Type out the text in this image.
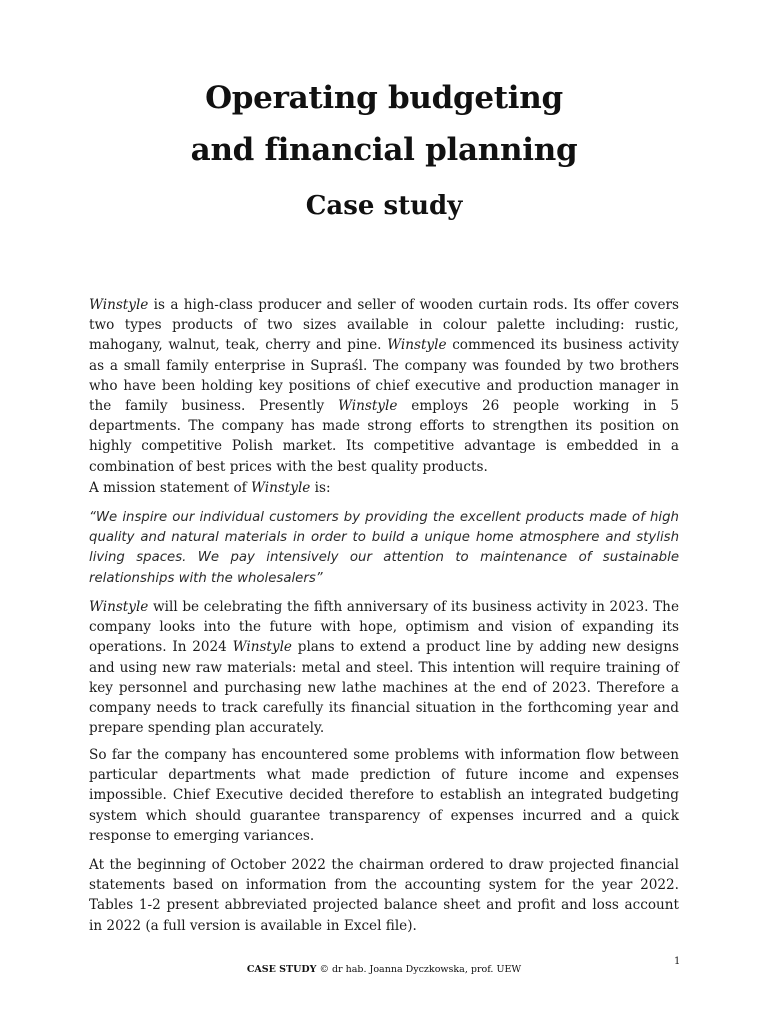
Operating budgeting
and financial planning
Case study

Winstyle is a high-class producer and seller of wooden curtain rods. Its offer covers two types products of two sizes available in colour palette including: rustic, mahogany, walnut, teak, cherry and pine. Winstyle commenced its business activity as a small family enterprise in Supraśl. The company was founded by two brothers who have been holding key positions of chief executive and production manager in the family business. Presently Winstyle employs 26 people working in 5 departments. The company has made strong efforts to strengthen its position on highly competitive Polish market. Its competitive advantage is embedded in a combination of best prices with the best quality products.

A mission statement of Winstyle is:
“We inspire our individual customers by providing the excellent products made of high quality and natural materials in order to build a unique home atmosphere and stylish living spaces. We pay intensively our attention to maintenance of sustainable relationships with the wholesalers”

Winstyle will be celebrating the fifth anniversary of its business activity in 2023. The company looks into the future with hope, optimism and vision of expanding its operations. In 2024 Winstyle plans to extend a product line by adding new designs and using new raw materials: metal and steel. This intention will require training of key personnel and purchasing new lathe machines at the end of 2023. Therefore a company needs to track carefully its financial situation in the forthcoming year and prepare spending plan accurately.

So far the company has encountered some problems with information flow between particular departments what made prediction of future income and expenses impossible. Chief Executive decided therefore to establish an integrated budgeting system which should guarantee transparency of expenses incurred and a quick response to emerging variances.
At the beginning of October 2022 the chairman ordered to draw projected financial statements based on information from the accounting system for the year 2022. Tables 1-2 present abbreviated projected balance sheet and profit and loss account in 2022 (a full version is available in Excel file).
1
CASE STUDY © dr hab. Joanna Dyczkowska, prof. UEW
